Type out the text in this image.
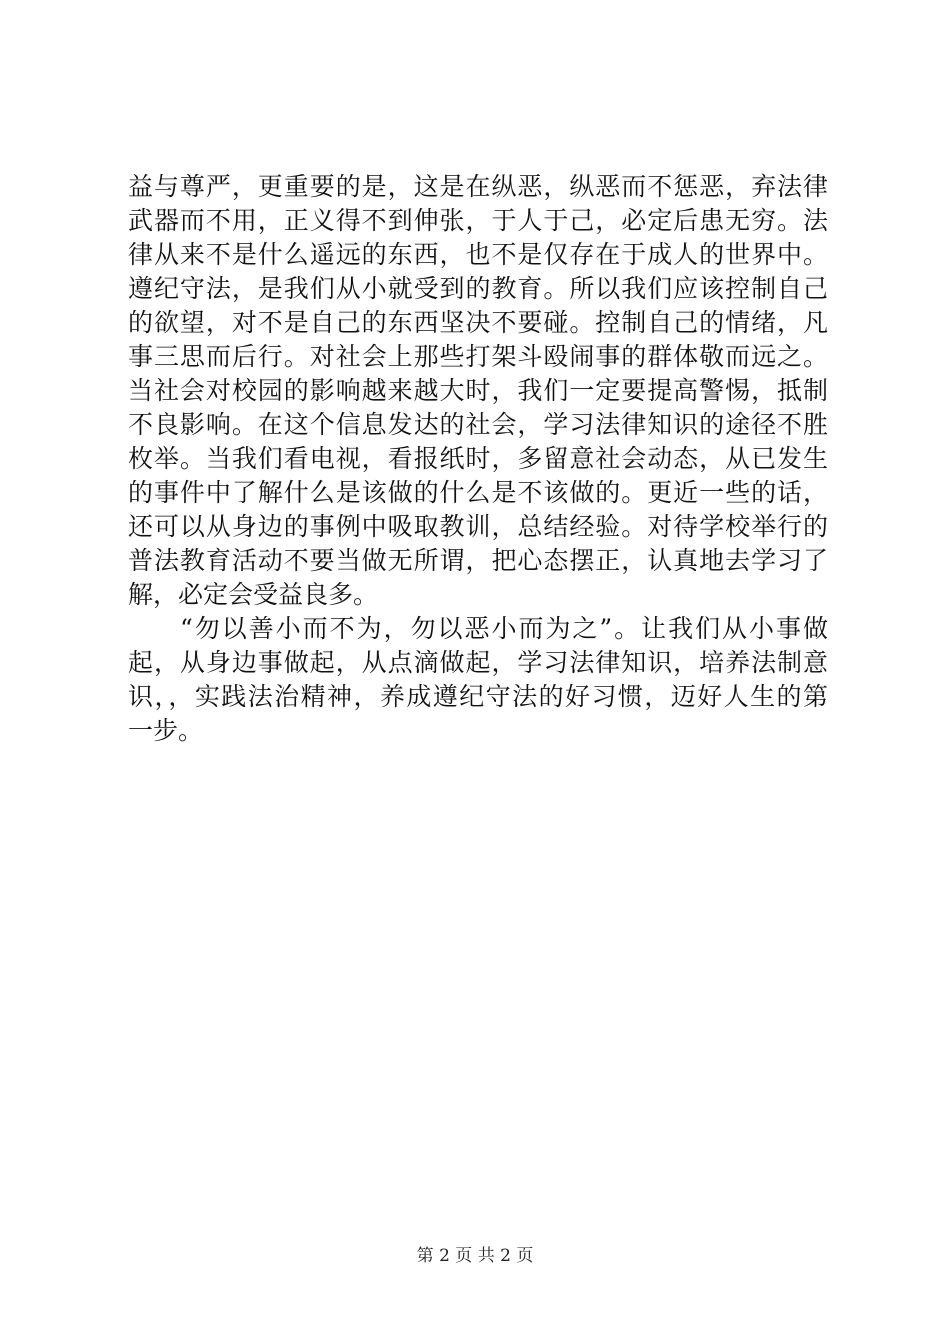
益与尊严，更重要的是，这是在纵恶，纵恶而不惩恶，弃法律
武器而不用，正义得不到伸张，于人于己，必定后患无穷。法
律从来不是什么遥远的东西，也不是仅存在于成人的世界中。
遵纪守法，是我们从小就受到的教育。所以我们应该控制自己
的欲望，对不是自己的东西坚决不要碰。控制自己的情绪，凡
事三思而后行。对社会上那些打架斗殴闹事的群体敬而远之。
当社会对校园的影响越来越大时，我们一定要提高警惕，抵制
不良影响。在这个信息发达的社会，学习法律知识的途径不胜
枚举。当我们看电视，看报纸时，多留意社会动态，从已发生
的事件中了解什么是该做的什么是不该做的。更近一些的话，
还可以从身边的事例中吸取教训，总结经验。对待学校举行的
普法教育活动不要当做无所谓，把心态摆正，认真地去学习了
解，必定会受益良多。
“勿以善小而不为，勿以恶小而为之”。让我们从小事做
起，从身边事做起，从点滴做起，学习法律知识，培养法制意
识，，实践法治精神，养成遵纪守法的好习惯，迈好人生的第
一步。
第 2 页 共 2 页
